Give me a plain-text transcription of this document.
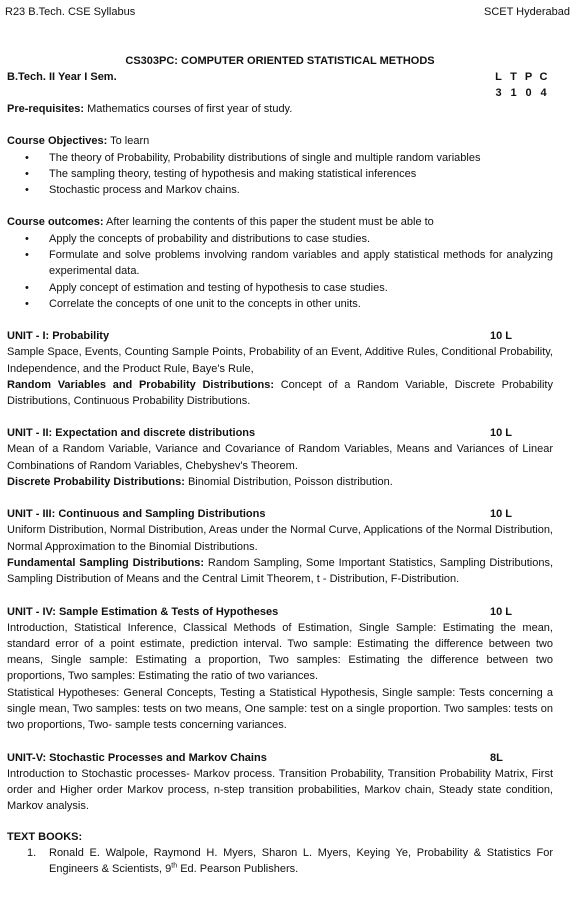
R23 B.Tech. CSE Syllabus	SCET Hyderabad

CS303PC: COMPUTER ORIENTED STATISTICAL METHODS

B.Tech. II Year I Sem.	L T P C
3 1 0 4

Pre-requisites: Mathematics courses of first year of study.

Course Objectives: To learn

• The theory of Probability, Probability distributions of single and multiple random variables
• The sampling theory, testing of hypothesis and making statistical inferences
• Stochastic process and Markov chains.

Course outcomes: After learning the contents of this paper the student must be able to

• Apply the concepts of probability and distributions to case studies.
• Formulate and solve problems involving random variables and apply statistical methods for analyzing experimental data.
• Apply concept of estimation and testing of hypothesis to case studies.
• Correlate the concepts of one unit to the concepts in other units.
UNIT - I: Probability	10 L

Sample Space, Events, Counting Sample Points, Probability of an Event, Additive Rules, Conditional Probability, Independence, and the Product Rule, Baye's Rule,

Random Variables and Probability Distributions: Concept of a Random Variable, Discrete Probability Distributions, Continuous Probability Distributions.

UNIT - II: Expectation and discrete distributions	10 L

Mean of a Random Variable, Variance and Covariance of Random Variables, Means and Variances of Linear Combinations of Random Variables, Chebyshev's Theorem.

Discrete Probability Distributions: Binomial Distribution, Poisson distribution.

UNIT - III: Continuous and Sampling Distributions	10 L

Uniform Distribution, Normal Distribution, Areas under the Normal Curve, Applications of the Normal Distribution, Normal Approximation to the Binomial Distributions.

Fundamental Sampling Distributions: Random Sampling, Some Important Statistics, Sampling Distributions, Sampling Distribution of Means and the Central Limit Theorem, t - Distribution, F-Distribution.

UNIT - IV: Sample Estimation & Tests of Hypotheses	10 L

Introduction, Statistical Inference, Classical Methods of Estimation, Single Sample: Estimating the mean, standard error of a point estimate, prediction interval. Two sample: Estimating the difference between two means, Single sample: Estimating a proportion, Two samples: Estimating the difference between two proportions, Two samples: Estimating the ratio of two variances.

Statistical Hypotheses: General Concepts, Testing a Statistical Hypothesis, Single sample: Tests concerning a single mean, Two samples: tests on two means, One sample: test on a single proportion. Two samples: tests on two proportions, Two- sample tests concerning variances.

UNIT-V: Stochastic Processes and Markov Chains	8L

Introduction to Stochastic processes- Markov process. Transition Probability, Transition Probability Matrix, First order and Higher order Markov process, n-step transition probabilities, Markov chain, Steady state condition, Markov analysis.

TEXT BOOKS:

1. Ronald E. Walpole, Raymond H. Myers, Sharon L. Myers, Keying Ye, Probability & Statistics For Engineers & Scientists, 9th Ed. Pearson Publishers.
